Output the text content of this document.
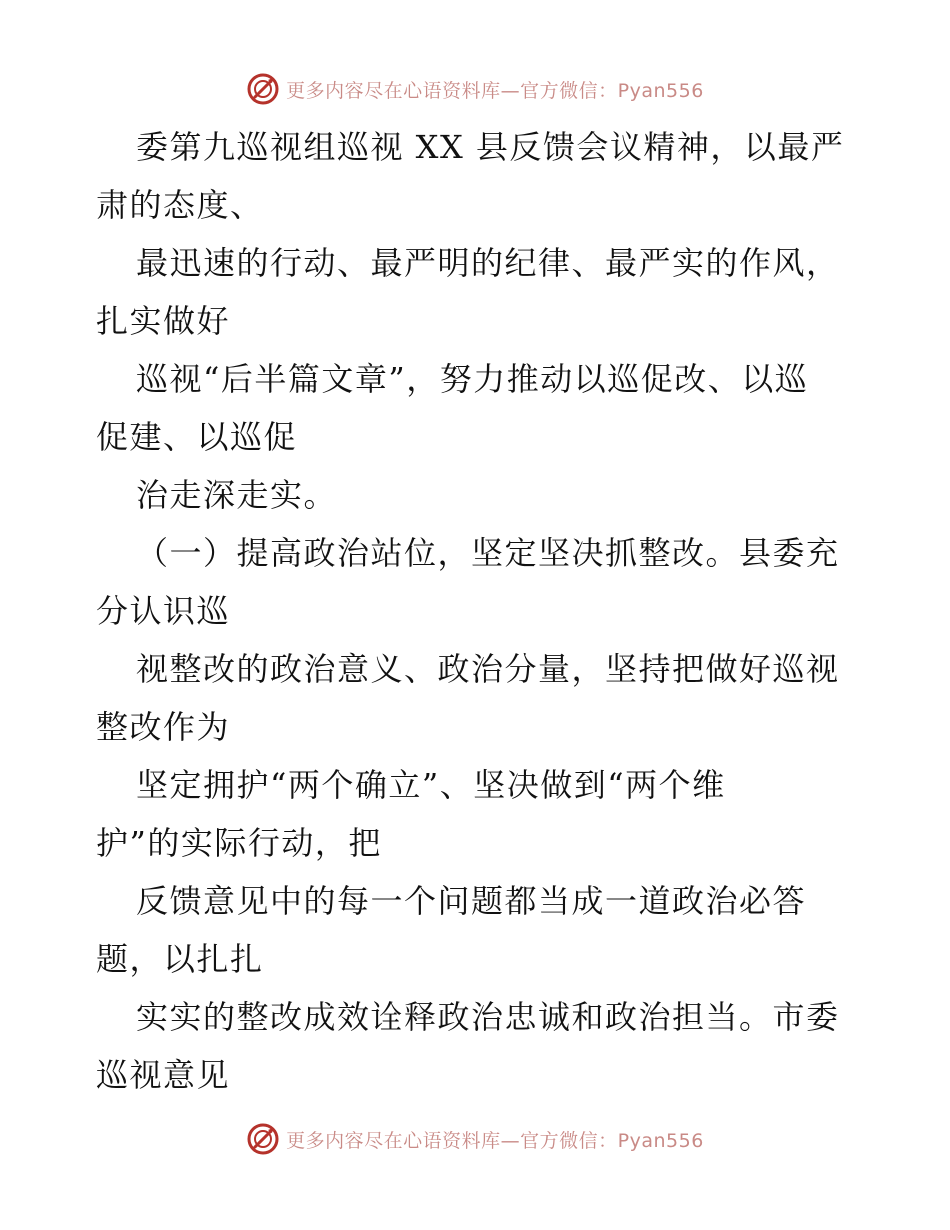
更多内容尽在心语资料库—官方微信：Pyan556
委第九巡视组巡视 XX 县反馈会议精神，以最严
肃的态度、
最迅速的行动、最严明的纪律、最严实的作风，
扎实做好
巡视“后半篇文章”，努力推动以巡促改、以巡
促建、以巡促
治走深走实。
（一）提高政治站位，坚定坚决抓整改。县委充
分认识巡
视整改的政治意义、政治分量，坚持把做好巡视
整改作为
坚定拥护“两个确立”、坚决做到“两个维
护”的实际行动，把
反馈意见中的每一个问题都当成一道政治必答
题，以扎扎
实实的整改成效诠释政治忠诚和政治担当。市委
巡视意见
更多内容尽在心语资料库—官方微信：Pyan556
